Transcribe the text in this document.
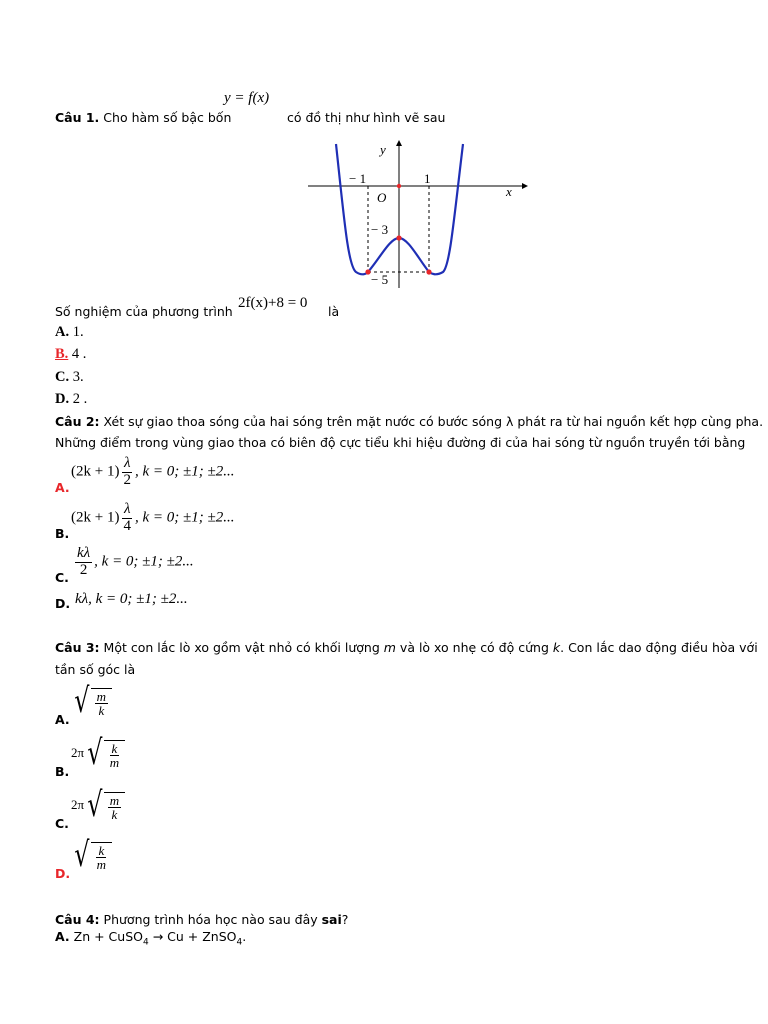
y = f(x)
Câu 1. Cho hàm số bậc bốn	có đồ thị như hình vẽ sau
y
x
O
− 1	1
− 3
− 5
Số nghiệm của phương trình
2f(x)+8 = 0
là
A. 1.
B. 4 .
C. 3.
D. 2 .
Câu 2: Xét sự giao thoa sóng của hai sóng trên mặt nước có bước sóng λ phát ra từ hai nguồn kết hợp cùng pha.
Những điểm trong vùng giao thoa có biên độ cực tiểu khi hiệu đường đi của hai sóng từ nguồn truyền tới bằng
A.
$(2k + 1) \frac{\lambda}{2}$ , k = 0; ±1; ±2...
B.
$(2k + 1) \frac{\lambda}{4}$ , k = 0; ±1; ±2...
C. $\frac{k\lambda}{2}$ , k = 0; ±1; ±2...
D. kλ, k = 0; ±1; ±2...
Câu 3: Một con lắc lò xo gồm vật nhỏ có khối lượng m và lò xo nhẹ có độ cứng k. Con lắc dao động điều hòa với
tần số góc là
A. √ $\frac{m}{k}$
B.
2π √ $\frac{k}{m}$
C.
2π √ $\frac{m}{k}$
D. √ $\frac{k}{m}$
Câu 4: Phương trình hóa học nào sau đây sai?
A. Zn + CuSO$_4$ → Cu + ZnSO$_4$.
